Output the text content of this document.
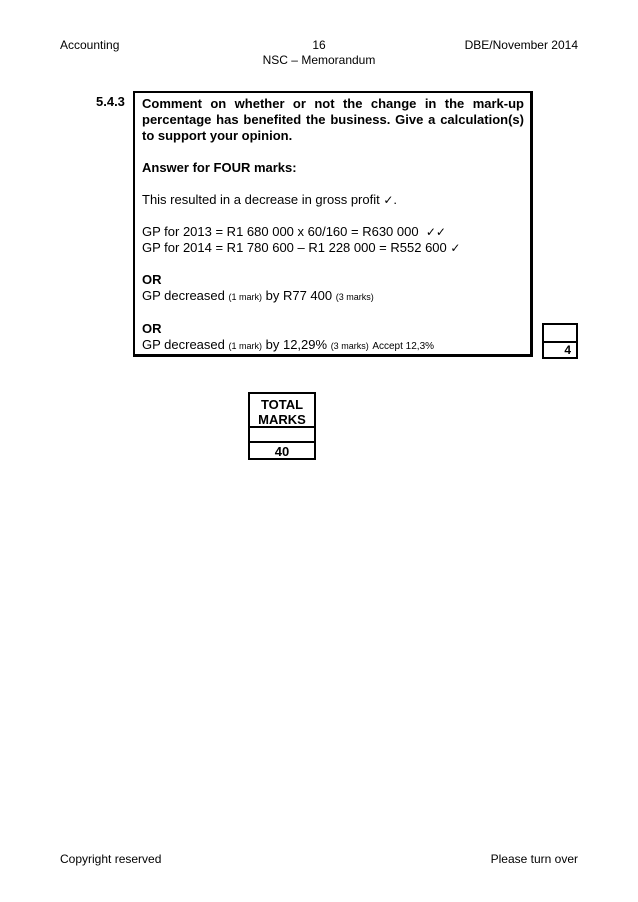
Accounting	16
NSC – Memorandum
DBE/November 2014
5.4.3 Comment on whether or not the change in the mark-up percentage has benefited the business. Give a calculation(s) to support your opinion.
Answer for FOUR marks:
This resulted in a decrease in gross profit ✓.
GP for 2013 = R1 680 000 x 60/160 = R630 000 ✓✓
GP for 2014 = R1 780 600 – R1 228 000 = R552 600 ✓
OR
GP decreased (1 mark) by R77 400 (3 marks)
OR
GP decreased (1 mark) by 12,29% (3 marks) Accept 12,3%	4
TOTAL
MARKS
40
Copyright reserved	Please turn over
